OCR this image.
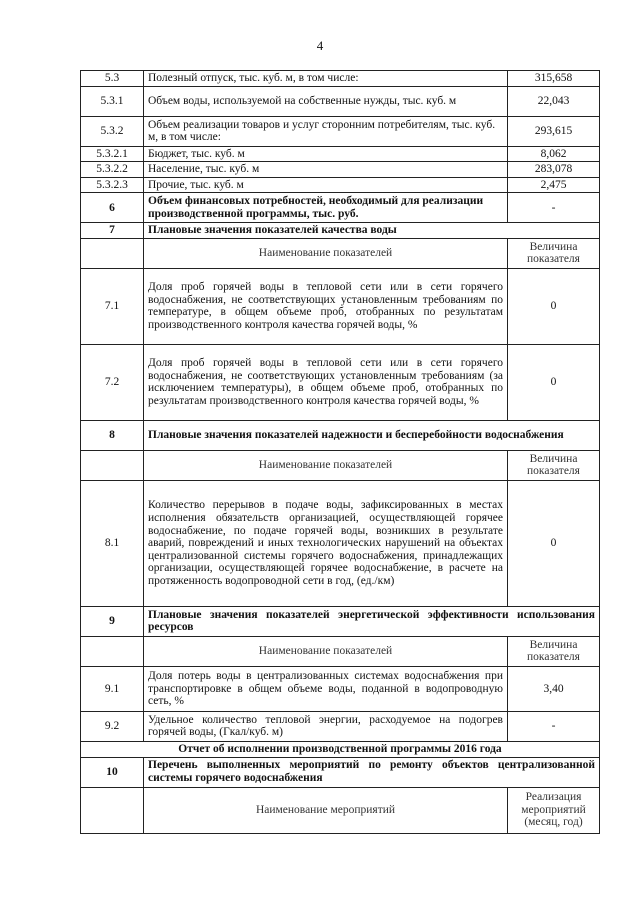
4
5.3	Полезный отпуск, тыс. куб. м, в том числе:	315,658
5.3.1	Объем воды, используемой на собственные нужды, тыс. куб. м	22,043
5.3.2	Объем реализации товаров и услуг сторонним потребителям, тыс. куб. м, в том числе:	293,615
5.3.2.1	Бюджет, тыс. куб. м	8,062
5.3.2.2	Население, тыс. куб. м	283,078
5.3.2.3	Прочие, тыс. куб. м	2,475
6	Объем финансовых потребностей, необходимый для реализации производственной программы, тыс. руб.	-
7	Плановые значения показателей качества воды	
	Наименование показателей	Величина показателя
7.1	Доля проб горячей воды в тепловой сети или в сети горячего водоснабжения, не соответствующих установленным требованиям по температуре, в общем объеме проб, отобранных по результатам производственного контроля качества горячей воды, %	0
7.2	Доля проб горячей воды в тепловой сети или в сети горячего водоснабжения, не соответствующих установленным требованиям (за исключением температуры), в общем объеме проб, отобранных по результатам производственного контроля качества горячей воды, %	0
8	Плановые значения показателей надежности и бесперебойности водоснабжения	
	Наименование показателей	Величина показателя
8.1	Количество перерывов в подаче воды, зафиксированных в местах исполнения обязательств организацией, осуществляющей горячее водоснабжение, по подаче горячей воды, возникших в результате аварий, повреждений и иных технологических нарушений на объектах централизованной системы горячего водоснабжения, принадлежащих организации, осуществляющей горячее водоснабжение, в расчете на протяженность водопроводной сети в год, (ед./км)	0
9	Плановые значения показателей энергетической эффективности использования ресурсов	
	Наименование показателей	Величина показателя
9.1	Доля потерь воды в централизованных системах водоснабжения при транспортировке в общем объеме воды, поданной в водопроводную сеть, %	3,40
9.2	Удельное количество тепловой энергии, расходуемое на подогрев горячей воды, (Гкал/куб. м)	-
Отчет об исполнении производственной программы 2016 года		
10	Перечень выполненных мероприятий по ремонту объектов централизованной системы горячего водоснабжения	
	Наименование мероприятий	Реализация мероприятий (месяц, год)
